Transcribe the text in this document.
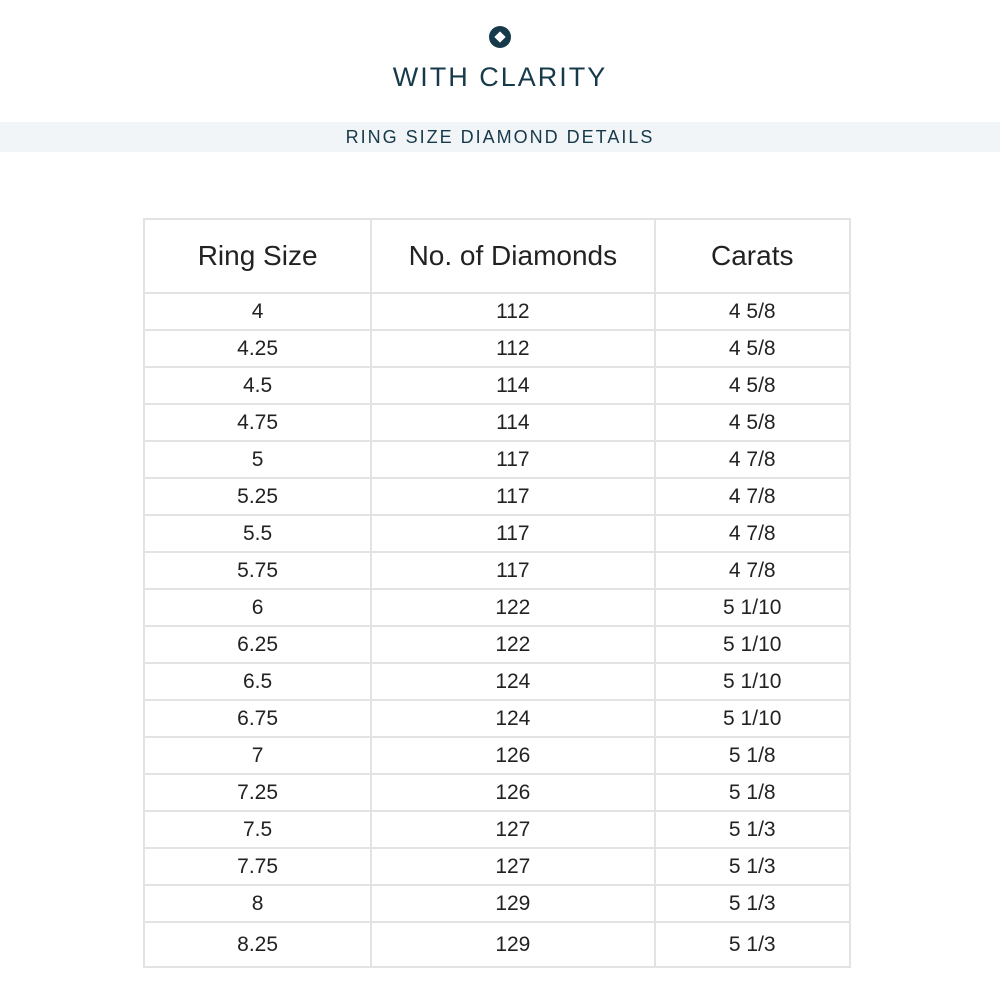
WITH CLARITY
RING SIZE DIAMOND DETAILS
Ring Size	No. of Diamonds	Carats
4	112	4 5/8
4.25	112	4 5/8
4.5	114	4 5/8
4.75	114	4 5/8
5	117	4 7/8
5.25	117	4 7/8
5.5	117	4 7/8
5.75	117	4 7/8
6	122	5 1/10
6.25	122	5 1/10
6.5	124	5 1/10
6.75	124	5 1/10
7	126	5 1/8
7.25	126	5 1/8
7.5	127	5 1/3
7.75	127	5 1/3
8	129	5 1/3
8.25	129	5 1/3
